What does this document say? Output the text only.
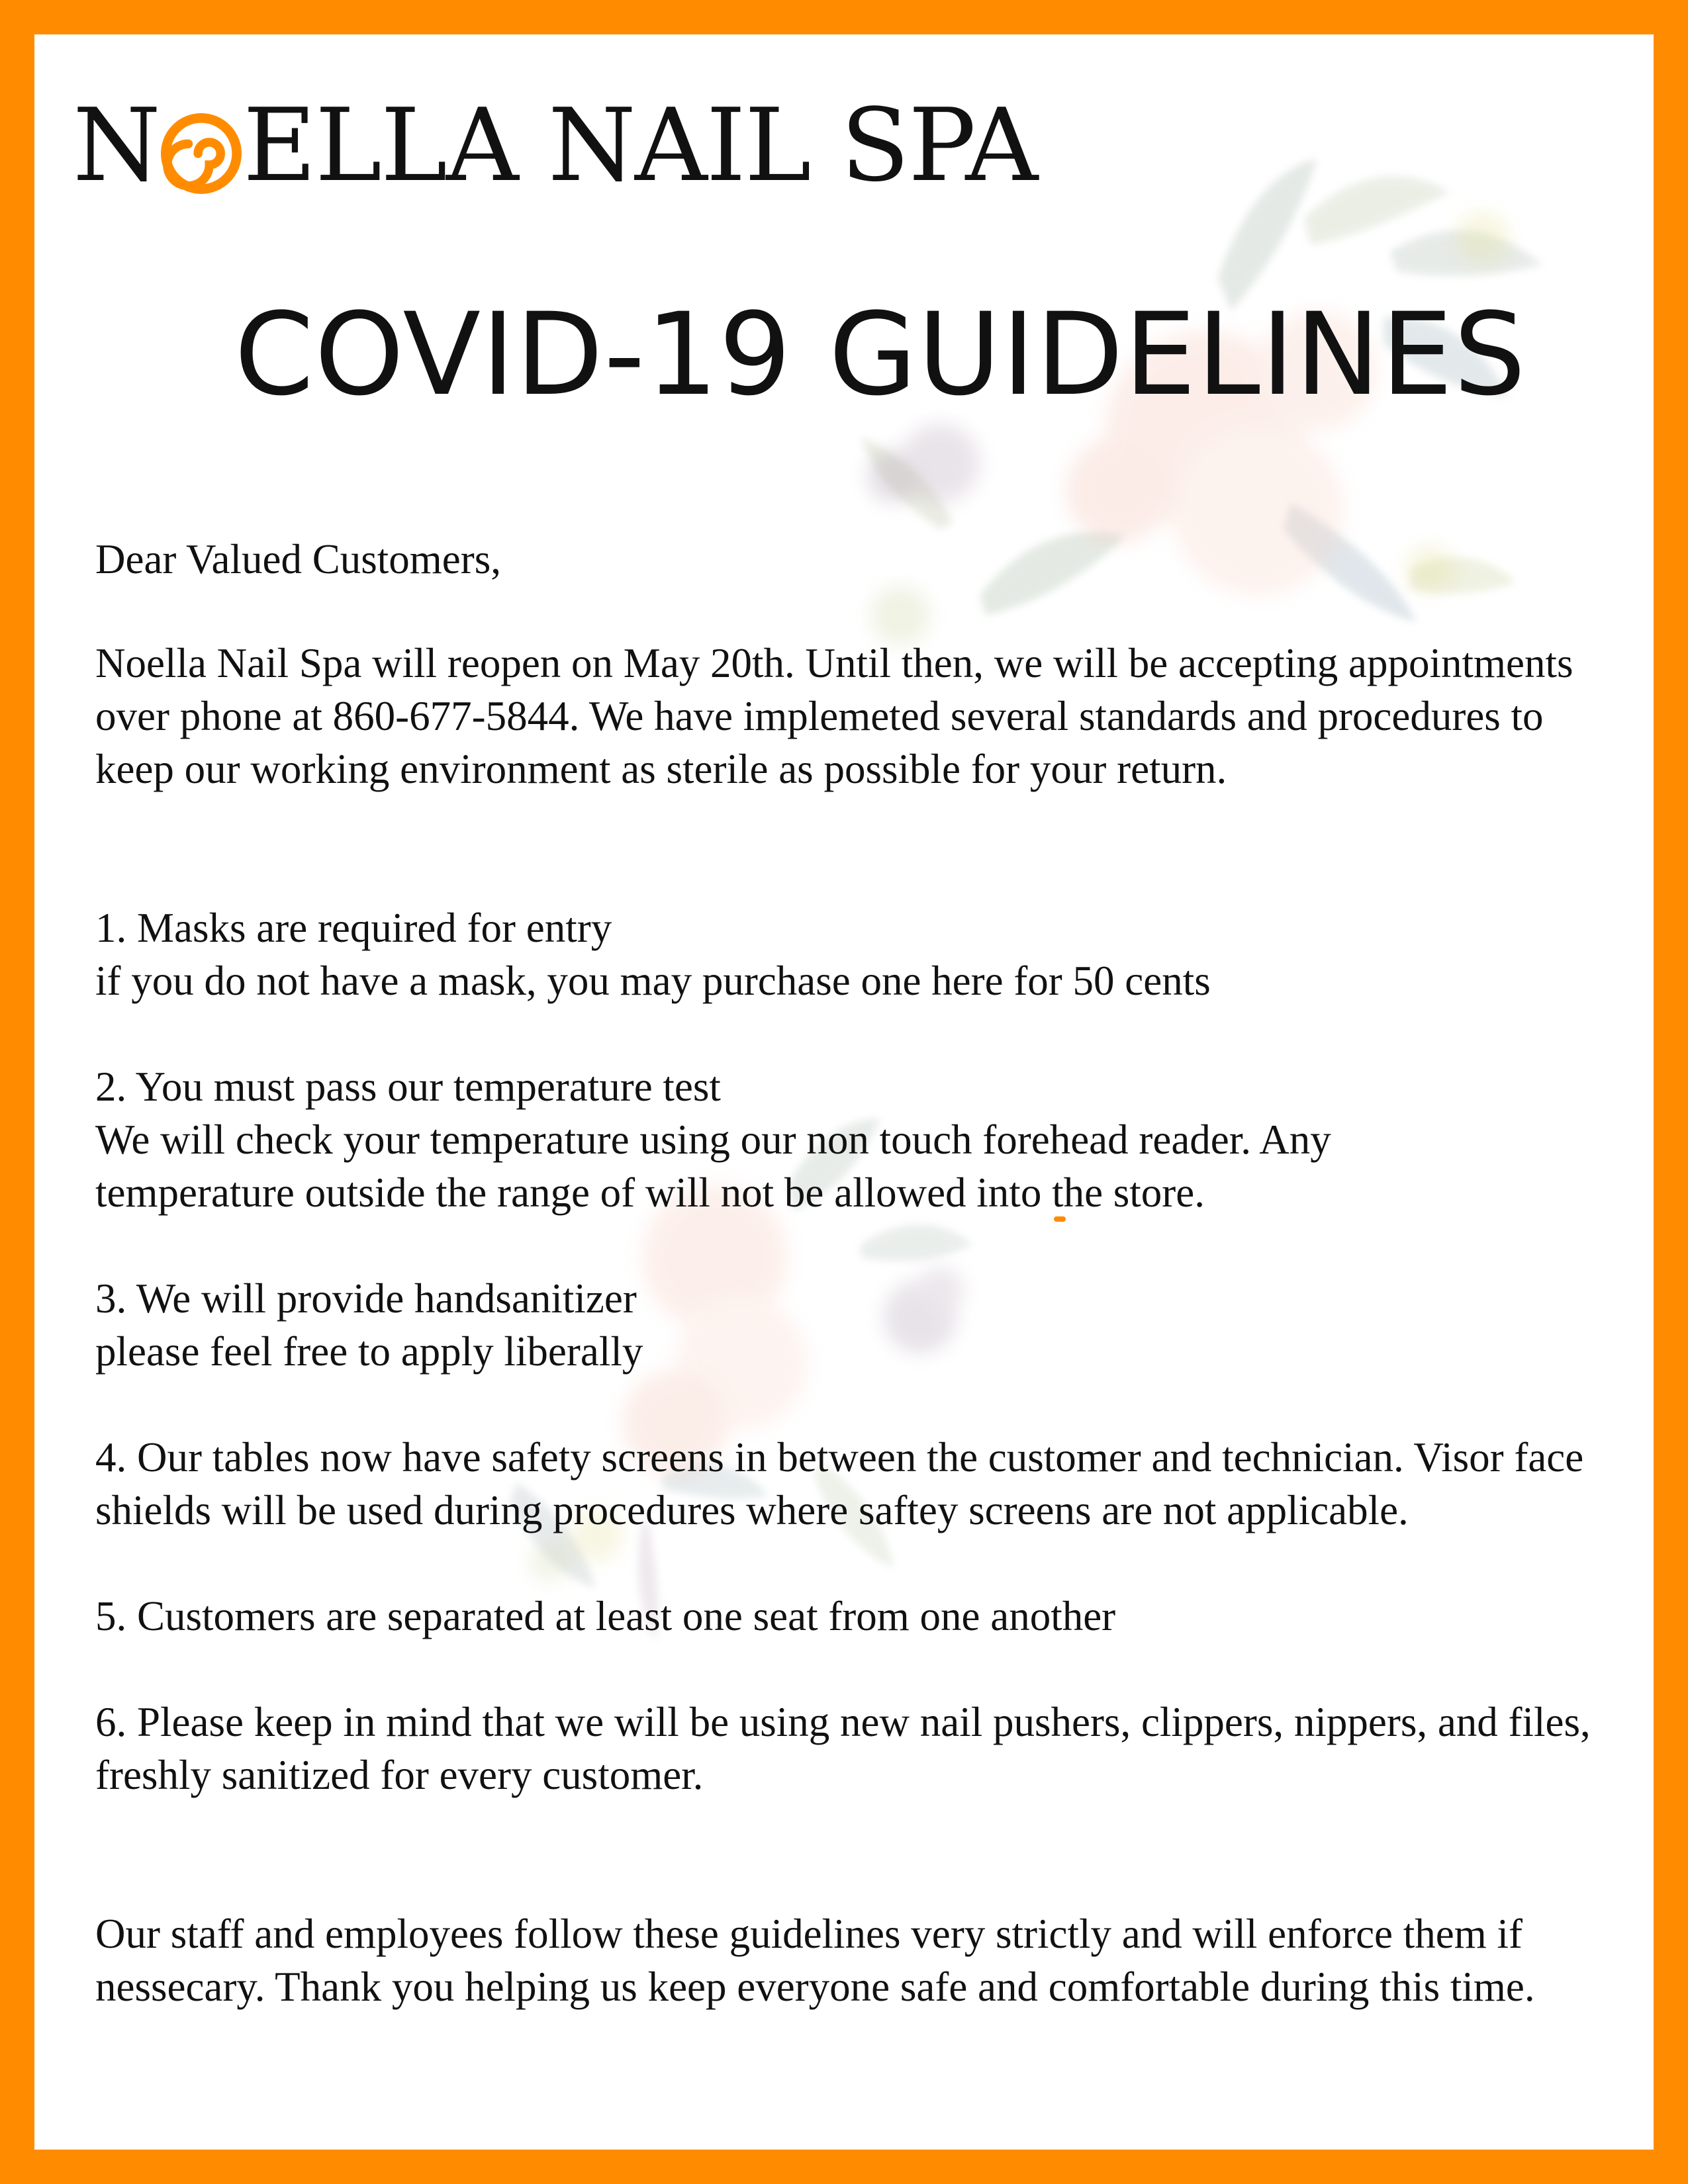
N ELLA NAIL SPA
COVID-19 GUIDELINES

Dear Valued Customers,

Noella Nail Spa will reopen on May 20th. Until then, we will be accepting appointments over phone at 860-677-5844. We have implemeted several standards and procedures to keep our working environment as sterile as possible for your return.

1. Masks are required for entry
if you do not have a mask, you may purchase one here for 50 cents
2. You must pass our temperature test
We will check your temperature using our non touch forehead reader. Any temperature outside the range of will not be allowed into the store.
3. We will provide handsanitizer
please feel free to apply liberally
4. Our tables now have safety screens in between the customer and technician. Visor face shields will be used during procedures where saftey screens are not applicable.
5. Customers are separated at least one seat from one another
6. Please keep in mind that we will be using new nail pushers, clippers, nippers, and files, freshly sanitized for every customer.

Our staff and employees follow these guidelines very strictly and will enforce them if nessecary. Thank you helping us keep everyone safe and comfortable during this time.
